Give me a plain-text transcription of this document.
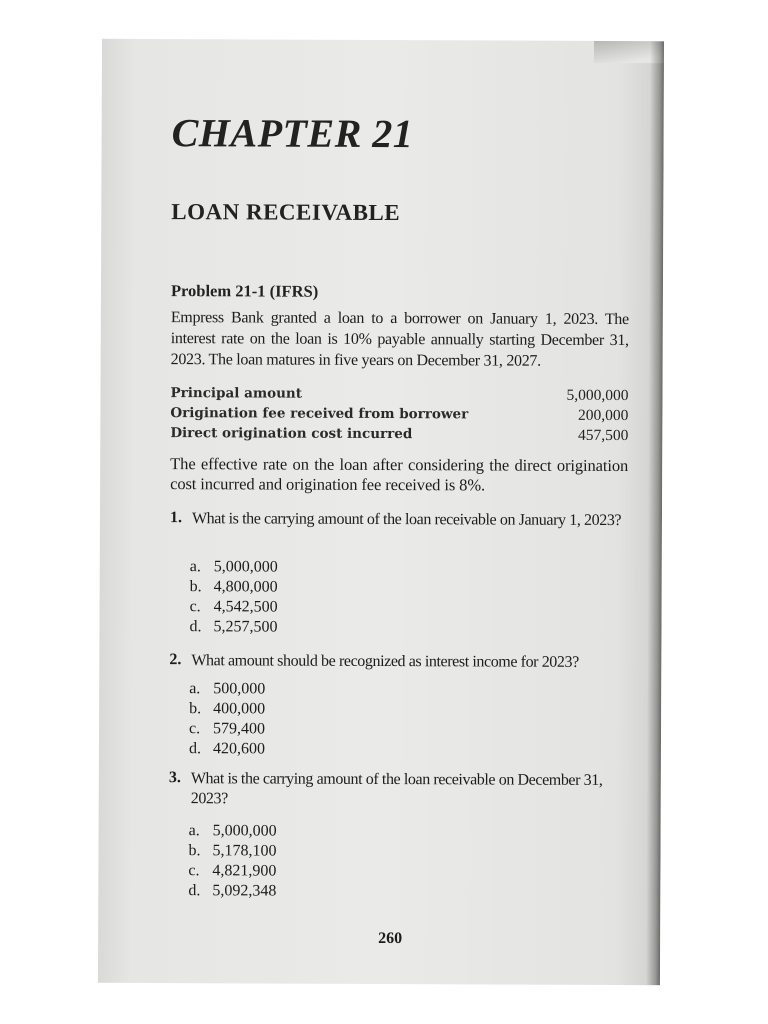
CHAPTER 21
LOAN RECEIVABLE
Problem 21-1 (IFRS)

Empress Bank granted a loan to a borrower on January 1, 2023. The interest rate on the loan is 10% payable annually starting December 31, 2023. The loan matures in five years on December 31, 2027.

Principal amount	5,000,000
Origination fee received from borrower	200,000
Direct origination cost incurred	457,500

The effective rate on the loan after considering the direct origination cost incurred and origination fee received is 8%.

1. What is the carrying amount of the loan receivable on January 1, 2023?

a. 5,000,000
b. 4,800,000
c. 4,542,500
d. 5,257,500
2. What amount should be recognized as interest income for 2023?

a. 500,000
b. 400,000
c. 579,400
d. 420,600
3. What is the carrying amount of the loan receivable on December 31, 2023?

a. 5,000,000
b. 5,178,100
c. 4,821,900
d. 5,092,348

260
